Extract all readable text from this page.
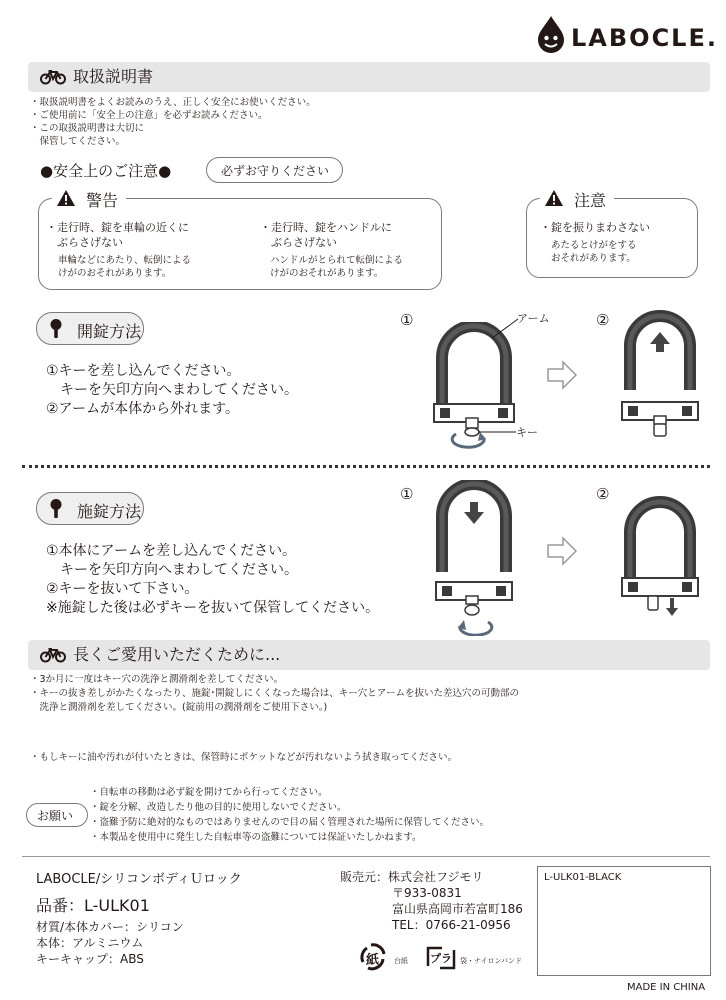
LABOCLE.
取扱説明書
・取扱説明書をよくお読みのうえ、正しく安全にお使いください。
・ご使用前に「安全上の注意」を必ずお読みください。
・この取扱説明書は大切に
　保管してください。
●安全上のご注意●	必ずお守りください
警告
・走行時、錠を車輪の近くに
　ぶらさげない
車輪などにあたり、転倒による
けがのおそれがあります。
・走行時、錠をハンドルに
　ぶらさげない
ハンドルがとられて転倒による
けがのおそれがあります。
注意
・錠を振りまわさない
あたるとけがをする
おそれがあります。
開錠方法
①キーを差し込んでください。
　キーを矢印方向へまわしてください。
②アームが本体から外れます。
①	アーム
キー
②
施錠方法
①本体にアームを差し込んでください。
　キーを矢印方向へまわしてください。
②キーを抜いて下さい。
※施錠した後は必ずキーを抜いて保管してください。
①	②
長くご愛用いただくために...
・3か月に一度はキー穴の洗浄と潤滑剤を差してください。
・キーの抜き差しがかたくなったり、施錠･開錠しにくくなった場合は、キー穴とアームを抜いた差込穴の可動部の
　洗浄と潤滑剤を差してください。(錠前用の潤滑剤をご使用下さい。)
・もしキーに油や汚れが付いたときは、保管時にポケットなどが汚れないよう拭き取ってください。
お願い
・自転車の移動は必ず錠を開けてから行ってください。
・錠を分解、改造したり他の目的に使用しないでください。
・盗難予防に絶対的なものではありませんので目の届く管理された場所に保管してください。
・本製品を使用中に発生した自転車等の盗難については保証いたしかねます。
LABOCLE/シリコンボディＵロック
品番：L-ULK01
材質/本体カバー：シリコン
本体：アルミニウム
キーキャップ：ABS
販売元：株式会社フジモリ
〒933-0831
富山県高岡市若富町186
TEL：0766-21-0956
紙 台紙 プラ 袋・ナイロンバンド
L-ULK01-BLACK
MADE IN CHINA
